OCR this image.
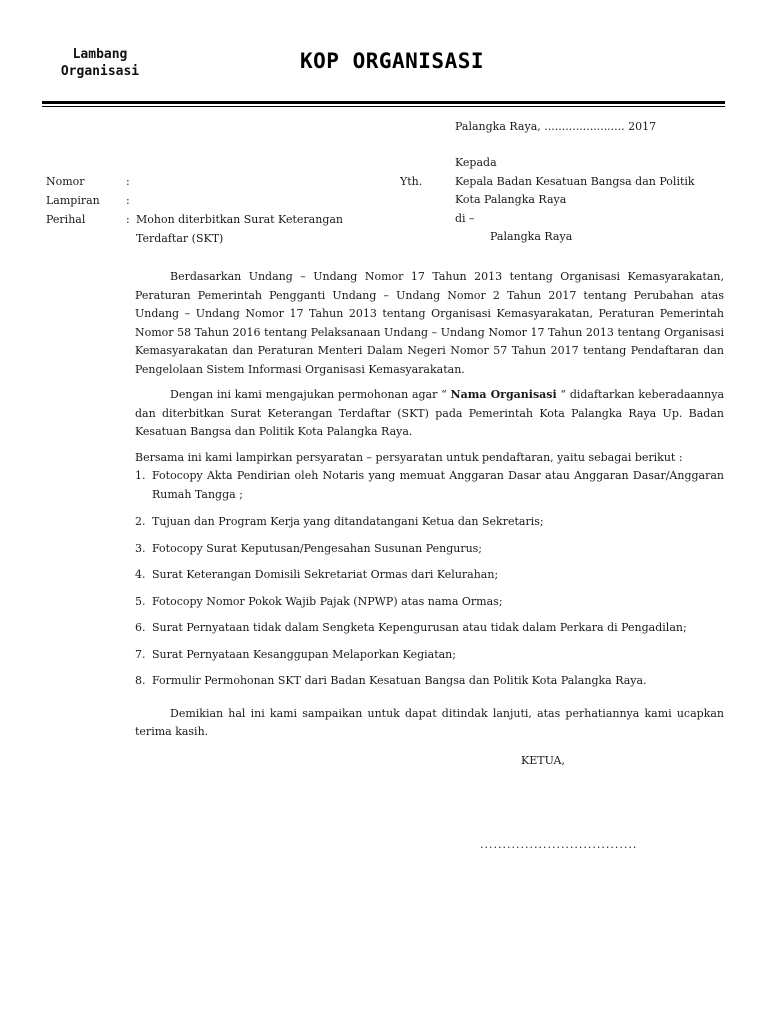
Lambang
Organisasi	KOP ORGANISASI
Palangka Raya, ....................... 2017
Yth.
Kepada
Kepala Badan Kesatuan Bangsa dan Politik
Kota Palangka Raya
di –
Palangka Raya
Nomor	:
Lampiran	:
Perihal	: Mohon diterbitkan Surat Keterangan
Terdaftar (SKT)

Berdasarkan Undang – Undang Nomor 17 Tahun 2013 tentang Organisasi Kemasyarakatan, Peraturan Pemerintah Pengganti Undang – Undang Nomor 2 Tahun 2017 tentang Perubahan atas Undang – Undang Nomor 17 Tahun 2013 tentang Organisasi Kemasyarakatan, Peraturan Pemerintah Nomor 58 Tahun 2016 tentang Pelaksanaan Undang – Undang Nomor 17 Tahun 2013 tentang Organisasi Kemasyarakatan dan Peraturan Menteri Dalam Negeri Nomor 57 Tahun 2017 tentang Pendaftaran dan Pengelolaan Sistem Informasi Organisasi Kemasyarakatan.

Dengan ini kami mengajukan permohonan agar “ Nama Organisasi “ didaftarkan keberadaannya dan diterbitkan Surat Keterangan Terdaftar (SKT) pada Pemerintah Kota Palangka Raya Up. Badan Kesatuan Bangsa dan Politik Kota Palangka Raya.

Bersama ini kami lampirkan persyaratan – persyaratan untuk pendaftaran, yaitu sebagai berikut :

1. Fotocopy Akta Pendirian oleh Notaris yang memuat Anggaran Dasar atau Anggaran Dasar/Anggaran Rumah Tangga ;
2. Tujuan dan Program Kerja yang ditandatangani Ketua dan Sekretaris;
3. Fotocopy Surat Keputusan/Pengesahan Susunan Pengurus;
4. Surat Keterangan Domisili Sekretariat Ormas dari Kelurahan;
5. Fotocopy Nomor Pokok Wajib Pajak (NPWP) atas nama Ormas;
6. Surat Pernyataan tidak dalam Sengketa Kepengurusan atau tidak dalam Perkara di Pengadilan;
7. Surat Pernyataan Kesanggupan Melaporkan Kegiatan;
8. Formulir Permohonan SKT dari Badan Kesatuan Bangsa dan Politik Kota Palangka Raya.

Demikian hal ini kami sampaikan untuk dapat ditindak lanjuti, atas perhatiannya kami ucapkan terima kasih.

KETUA,
...................................
